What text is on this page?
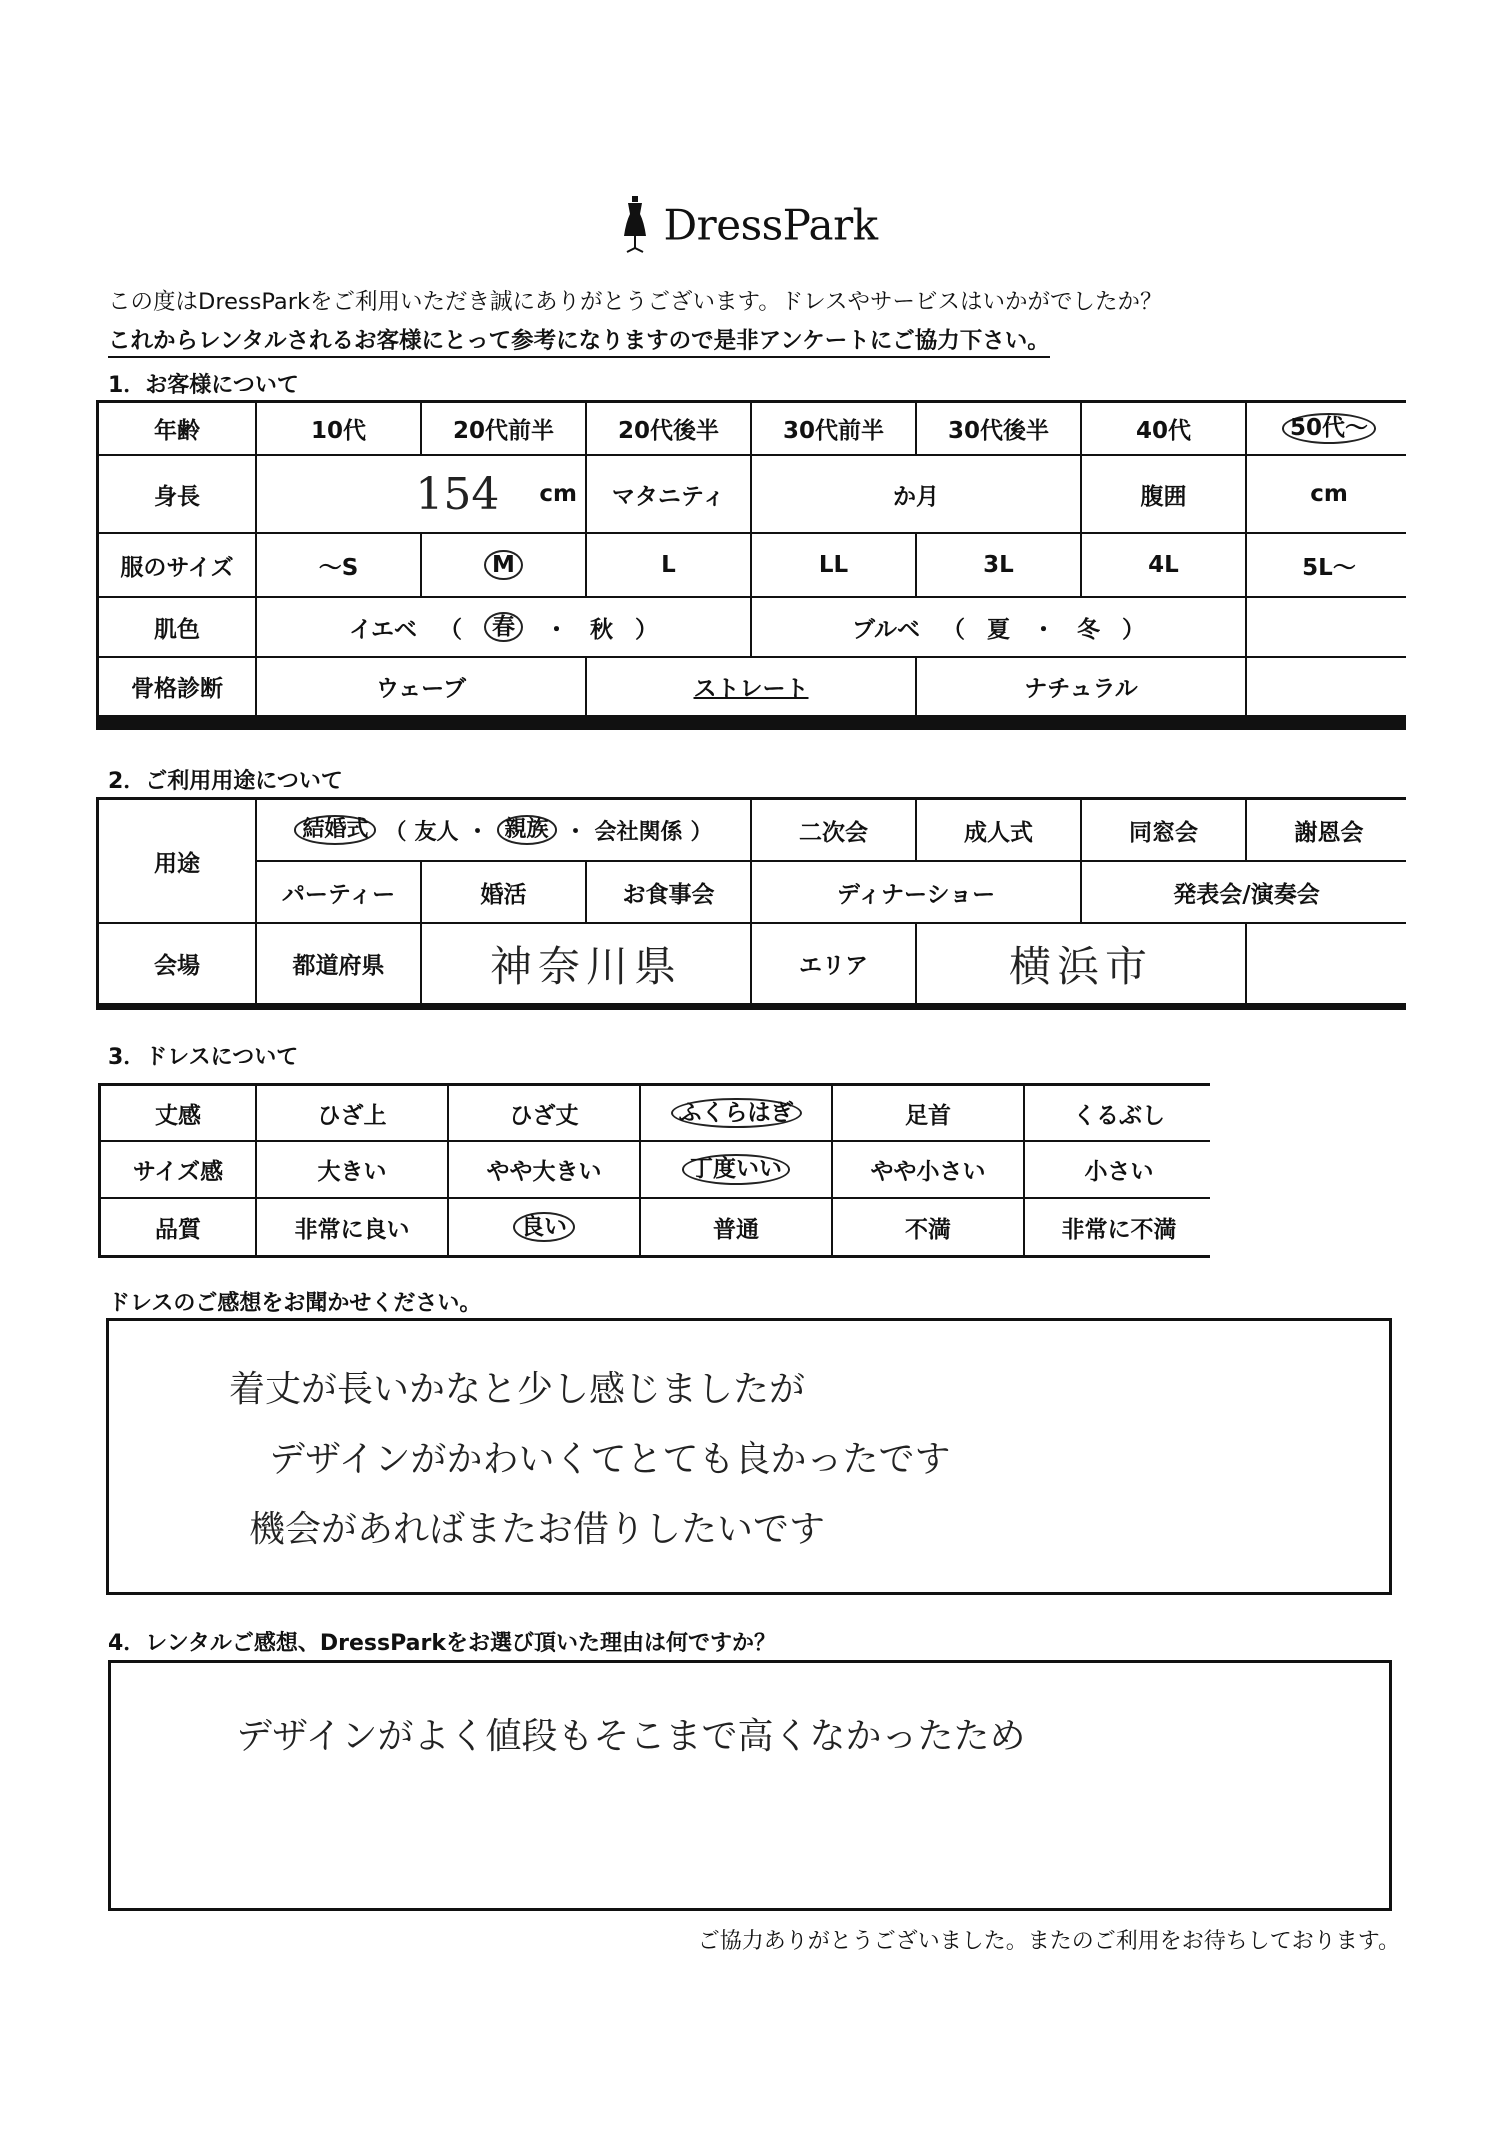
DressPark
この度はDressParkをご利用いただき誠にありがとうございます。ドレスやサービスはいかがでしたか？
これからレンタルされるお客様にとって参考になりますので是非アンケートにご協力下さい。
1．お客様について
年齢	10代	20代前半	20代後半	30代前半	30代後半	40代	50代～
身長	154 cm	マタニティ	か月	腹囲	cm
服のサイズ	～S	M	L	LL	3L	4L	5L～
肌色	イエベ （	春	・ 秋 ）	ブルベ （ 夏 ・ 冬 ）
骨格診断	ウェーブ	ストレート	ナチュラル
2．ご利用用途について
用途
結婚式 （ 友人 ・ 親族 ・ 会社関係 ）	二次会	成人式	同窓会	謝恩会
パーティー	婚活	お食事会	ディナーショー	発表会/演奏会
会場	都道府県	神奈川県	エリア	横浜市
3．ドレスについて
丈感	ひざ上	ひざ丈	ふくらはぎ	足首	くるぶし
サイズ感	大きい	やや大きい	丁度いい	やや小さい	小さい
品質	非常に良い	良い	普通	不満	非常に不満
ドレスのご感想をお聞かせください。
着丈が長いかなと少し感じましたが
デザインがかわいくてとても良かったです
機会があればまたお借りしたいです
4．レンタルご感想、DressParkをお選び頂いた理由は何ですか？
デザインがよく値段もそこまで高くなかったため
ご協力ありがとうございました。またのご利用をお待ちしております。
